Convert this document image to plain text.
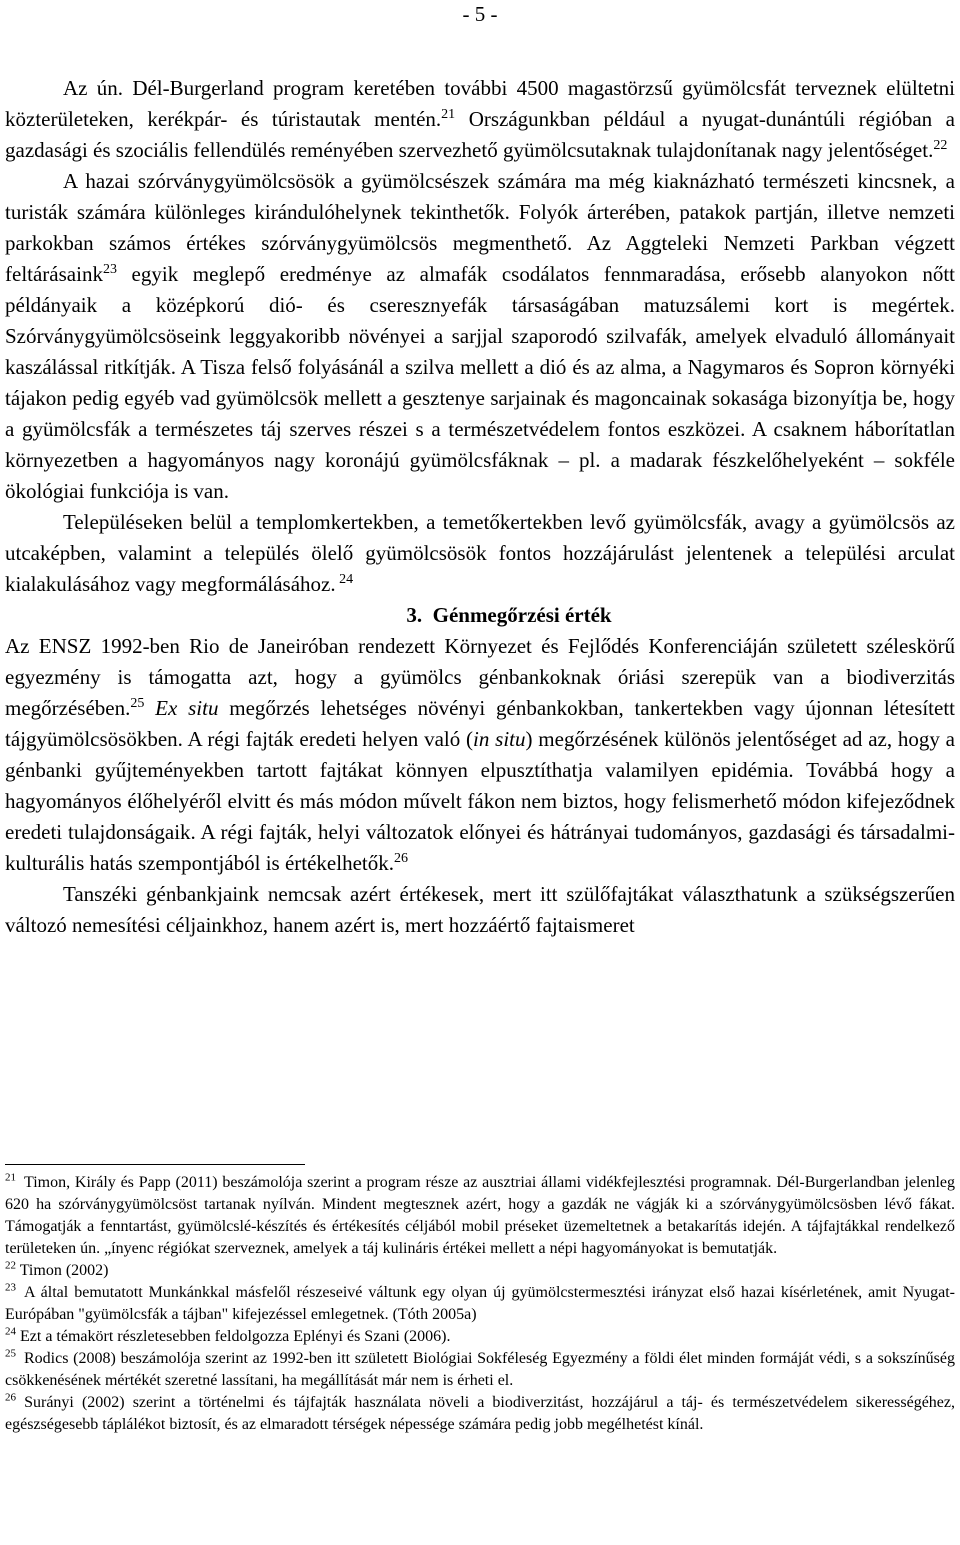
- 5 -

Az ún. Dél-Burgerland program keretében további 4500 magastörzsű gyümölcsfát terveznek elültetni közterületeken, kerékpár- és túristautak mentén.$^{21}$ Országunkban például a nyugat-dunántúli régióban a gazdasági és szociális fellendülés reményében szervezhető gyümölcsutaknak tulajdonítanak nagy jelentőséget.$^{22}$

A hazai szórványgyümölcsösök a gyümölcsészek számára ma még kiaknázható természeti kincsnek, a turisták számára különleges kirándulóhelynek tekinthetők. Folyók árterében, patakok partján, illetve nemzeti parkokban számos értékes szórványgyümölcsös megmenthető. Az Aggteleki Nemzeti Parkban végzett feltárásaink$^{23}$ egyik meglepő eredménye az almafák csodálatos fennmaradása, erősebb alanyokon nőtt példányaik a középkorú dió- és cseresznyefák társaságában matuzsálemi kort is megértek. Szórványgyümölcsöseink leggyakoribb növényei a sarjjal szaporodó szilvafák, amelyek elvaduló állományait kaszálással ritkítják. A Tisza felső folyásánál a szilva mellett a dió és az alma, a Nagymaros és Sopron környéki tájakon pedig egyéb vad gyümölcsök mellett a gesztenye sarjainak és magoncainak sokasága bizonyítja be, hogy a gyümölcsfák a természetes táj szerves részei s a természetvédelem fontos eszközei. A csaknem háborítatlan környezetben a hagyományos nagy koronájú gyümölcsfáknak – pl. a madarak fészkelőhelyeként – sokféle ökológiai funkciója is van.

Településeken belül a templomkertekben, a temetőkertekben levő gyümölcsfák, avagy a gyümölcsös az utcaképben, valamint a település ölelő gyümölcsösök fontos hozzájárulást jelentenek a települési arculat kialakulásához vagy megformálásához. $^{24}$

3. Génmegőrzési érték

Az ENSZ 1992-ben Rio de Janeiróban rendezett Környezet és Fejlődés Konferenciáján született széleskörű egyezmény is támogatta azt, hogy a gyümölcs génbankoknak óriási szerepük van a biodiverzitás megőrzésében.$^{25}$ Ex situ megőrzés lehetséges növényi génbankokban, tankertekben vagy újonnan létesített tájgyümölcsösökben. A régi fajták eredeti helyen való (in situ) megőrzésének különös jelentőséget ad az, hogy a génbanki gyűjteményekben tartott fajtákat könnyen elpusztíthatja valamilyen epidémia. Továbbá hogy a hagyományos élőhelyéről elvitt és más módon művelt fákon nem biztos, hogy felismerhető módon kifejeződnek eredeti tulajdonságaik. A régi fajták, helyi változatok előnyei és hátrányai tudományos, gazdasági és társadalmi-kulturális hatás szempontjából is értékelhetők.$^{26}$

Tanszéki génbankjaink nemcsak azért értékesek, mert itt szülőfajtákat választhatunk a szükségszerűen változó nemesítési céljainkhoz, hanem azért is, mert hozzáértő fajtaismeret

$^{21}$ Timon, Király és Papp (2011) beszámolója szerint a program része az ausztriai állami vidékfejlesztési programnak. Dél-Burgerlandban jelenleg 620 ha szórványgyümölcsöst tartanak nyílván. Mindent megtesznek azért, hogy a gazdák ne vágják ki a szórványgyümölcsösben lévő fákat. Támogatják a fenntartást, gyümölcslé-készítés és értékesítés céljából mobil préseket üzemeltetnek a betakarítás idején. A tájfajtákkal rendelkező területeken ún. „ínyenc régiókat szerveznek, amelyek a táj kulináris értékei mellett a népi hagyományokat is bemutatják.

$^{22}$ Timon (2002)

$^{23}$ A által bemutatott Munkánkkal másfelől részeseivé váltunk egy olyan új gyümölcstermesztési irányzat első hazai kísérletének, amit Nyugat-Európában "gyümölcsfák a tájban" kifejezéssel emlegetnek. (Tóth 2005a)

$^{24}$ Ezt a témakört részletesebben feldolgozza Eplényi és Szani (2006).

$^{25}$ Rodics (2008) beszámolója szerint az 1992-ben itt született Biológiai Sokféleség Egyezmény a földi élet minden formáját védi, s a sokszínűség csökkenésének mértékét szeretné lassítani, ha megállítását már nem is érheti el.

$^{26}$ Surányi (2002) szerint a történelmi és tájfajták használata növeli a biodiverzitást, hozzájárul a táj- és természetvédelem sikerességéhez, egészségesebb táplálékot biztosít, és az elmaradott térségek népessége számára pedig jobb megélhetést kínál.
